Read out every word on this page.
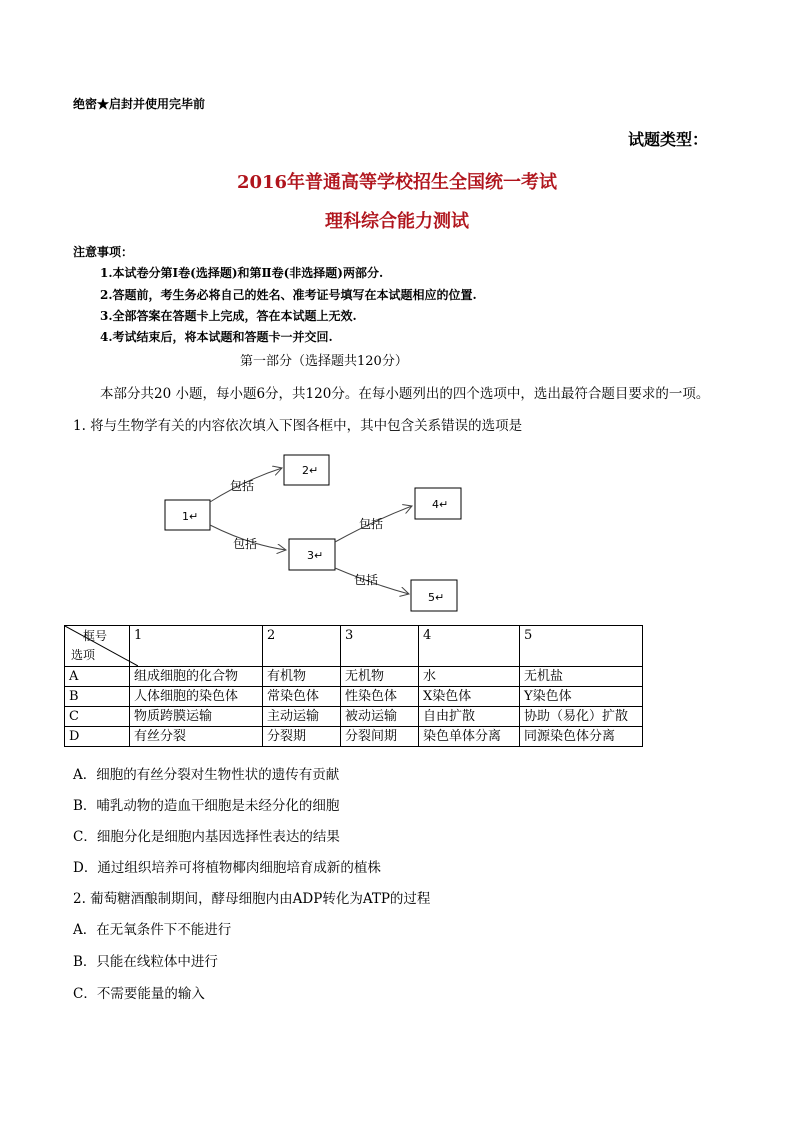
绝密★启封并使用完毕前
试题类型：
2016年普通高等学校招生全国统一考试
理科综合能力测试
注意事项：
1.本试卷分第Ⅰ卷(选择题)和第Ⅱ卷(非选择题)两部分.
2.答题前，考生务必将自己的姓名、准考证号填写在本试题相应的位置.
3.全部答案在答题卡上完成，答在本试题上无效.
4.考试结束后，将本试题和答题卡一并交回.
第一部分（选择题共120分）
本部分共20 小题，每小题6分，共120分。在每小题列出的四个选项中，选出最符合题目要求的一项。
1. 将与生物学有关的内容依次填入下图各框中，其中包含关系错误的选项是
1↵
2↵
3↵
4↵
5↵
包括
包括
包括
包括
框号
选项	1	2	3	4	5
A	组成细胞的化合物	有机物	无机物	水	无机盐
B	人体细胞的染色体	常染色体	性染色体	X染色体	Y染色体
C	物质跨膜运输	主动运输	被动运输	自由扩散	协助（易化）扩散
D	有丝分裂	分裂期	分裂间期	染色单体分离	同源染色体分离
A．细胞的有丝分裂对生物性状的遗传有贡献
B．哺乳动物的造血干细胞是未经分化的细胞
C．细胞分化是细胞内基因选择性表达的结果
D．通过组织培养可将植物椰肉细胞培育成新的植株
2. 葡萄糖酒酿制期间，酵母细胞内由ADP转化为ATP的过程
A．在无氧条件下不能进行
B．只能在线粒体中进行
C．不需要能量的输入
